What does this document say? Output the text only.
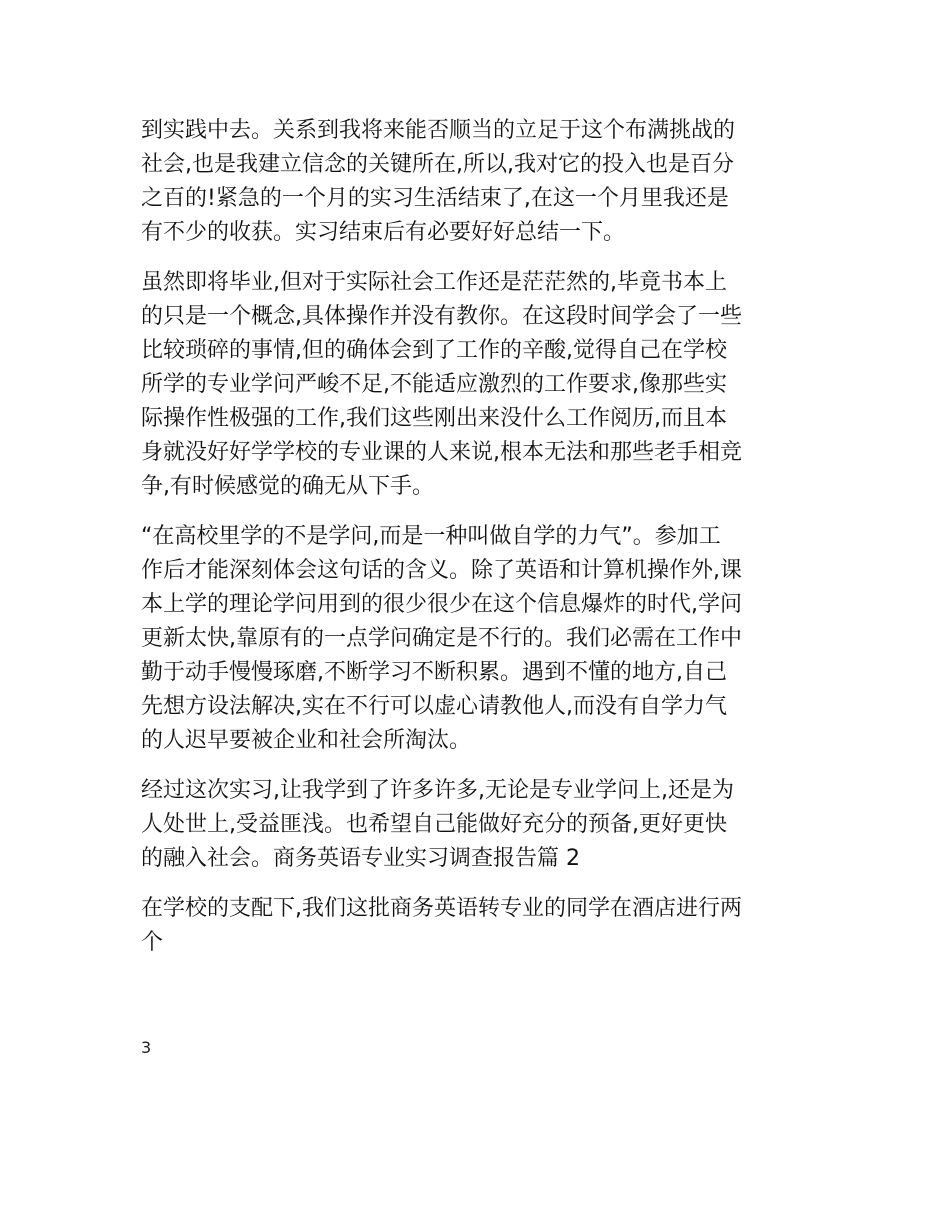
到实践中去。关系到我将来能否顺当的立足于这个布满挑战的
社会,也是我建立信念的关键所在,所以,我对它的投入也是百分
之百的!紧急的一个月的实习生活结束了,在这一个月里我还是
有不少的收获。实习结束后有必要好好总结一下。

虽然即将毕业,但对于实际社会工作还是茫茫然的,毕竟书本上
的只是一个概念,具体操作并没有教你。在这段时间学会了一些
比较琐碎的事情,但的确体会到了工作的辛酸,觉得自己在学校
所学的专业学问严峻不足,不能适应激烈的工作要求,像那些实
际操作性极强的工作,我们这些刚出来没什么工作阅历,而且本
身就没好好学学校的专业课的人来说,根本无法和那些老手相竞
争,有时候感觉的确无从下手。

“在高校里学的不是学问,而是一种叫做自学的力气”。参加工
作后才能深刻体会这句话的含义。除了英语和计算机操作外,课
本上学的理论学问用到的很少很少在这个信息爆炸的时代,学问
更新太快,靠原有的一点学问确定是不行的。我们必需在工作中
勤于动手慢慢琢磨,不断学习不断积累。遇到不懂的地方,自己
先想方设法解决,实在不行可以虚心请教他人,而没有自学力气
的人迟早要被企业和社会所淘汰。

经过这次实习,让我学到了许多许多,无论是专业学问上,还是为
人处世上,受益匪浅。也希望自己能做好充分的预备,更好更快
的融入社会。商务英语专业实习调查报告篇 2

在学校的支配下,我们这批商务英语转专业的同学在酒店进行两
个

3
